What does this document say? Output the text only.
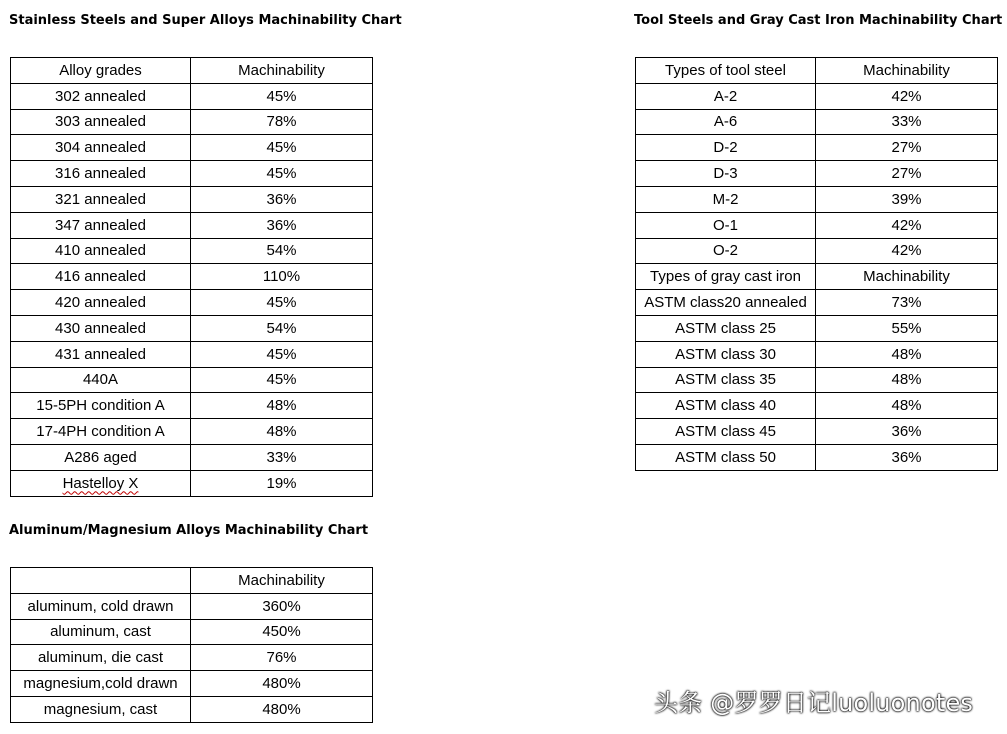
Stainless Steels and Super Alloys Machinability Chart	Tool Steels and Gray Cast Iron Machinability Chart
Aluminum/Magnesium Alloys Machinability Chart
Alloy grades	Machinability
302 annealed	45%
303 annealed	78%
304 annealed	45%
316 annealed	45%
321 annealed	36%
347 annealed	36%
410 annealed	54%
416 annealed	110%
420 annealed	45%
430 annealed	54%
431 annealed	45%
440A	45%
15-5PH condition A	48%
17-4PH condition A	48%
A286 aged	33%
Hastelloy X	19%
Types of tool steel	Machinability
A-2	42%
A-6	33%
D-2	27%
D-3	27%
M-2	39%
O-1	42%
O-2	42%
Types of gray cast iron	Machinability
ASTM class20 annealed	73%
ASTM class 25	55%
ASTM class 30	48%
ASTM class 35	48%
ASTM class 40	48%
ASTM class 45	36%
ASTM class 50	36%
	Machinability
aluminum, cold drawn	360%
aluminum, cast	450%
aluminum, die cast	76%
magnesium,cold drawn	480%
magnesium, cast	480%	头条 @罗罗日记luoluonotes
